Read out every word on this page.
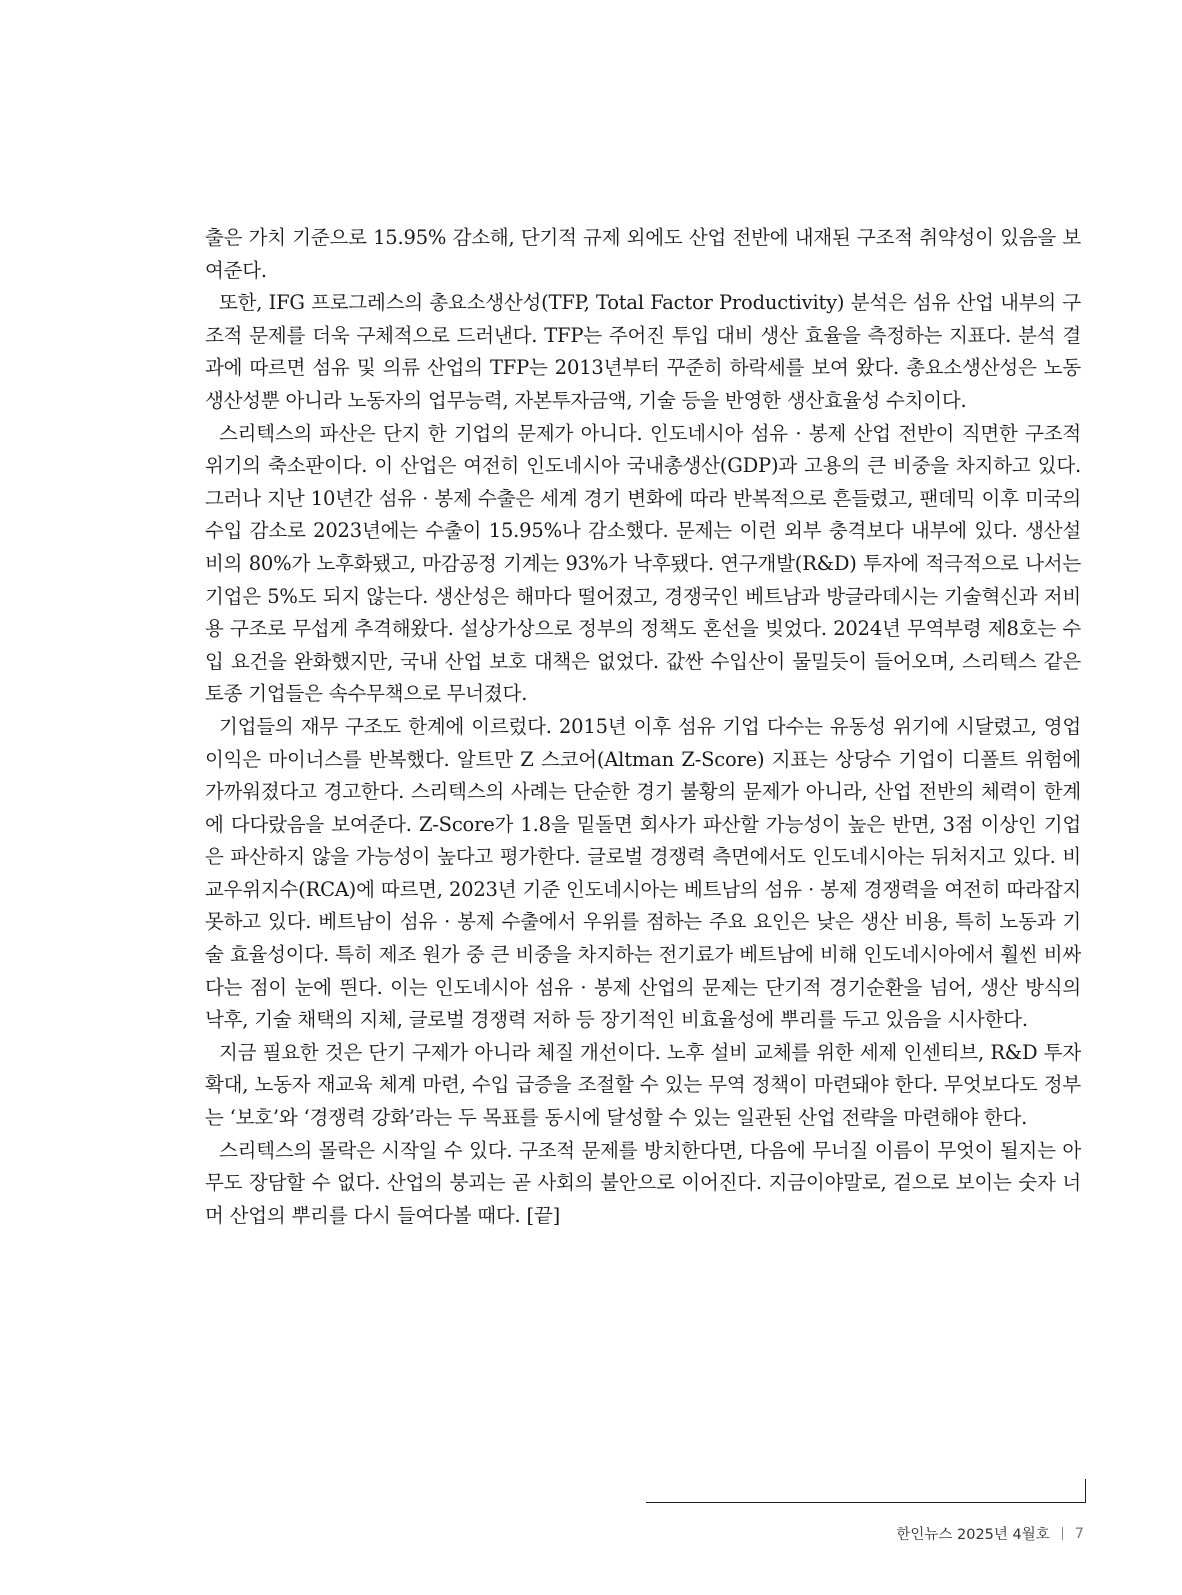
출은 가치 기준으로 15.95% 감소해, 단기적 규제 외에도 산업 전반에 내재된 구조적 취약성이 있음을 보여준다.

또한, IFG 프로그레스의 총요소생산성(TFP, Total Factor Productivity) 분석은 섬유 산업 내부의 구조적 문제를 더욱 구체적으로 드러낸다. TFP는 주어진 투입 대비 생산 효율을 측정하는 지표다. 분석 결과에 따르면 섬유 및 의류 산업의 TFP는 2013년부터 꾸준히 하락세를 보여 왔다. 총요소생산성은 노동 생산성뿐 아니라 노동자의 업무능력, 자본투자금액, 기술 등을 반영한 생산효율성 수치이다.

스리텍스의 파산은 단지 한 기업의 문제가 아니다. 인도네시아 섬유 · 봉제 산업 전반이 직면한 구조적 위기의 축소판이다. 이 산업은 여전히 인도네시아 국내총생산(GDP)과 고용의 큰 비중을 차지하고 있다. 그러나 지난 10년간 섬유 · 봉제 수출은 세계 경기 변화에 따라 반복적으로 흔들렸고, 팬데믹 이후 미국의 수입 감소로 2023년에는 수출이 15.95%나 감소했다. 문제는 이런 외부 충격보다 내부에 있다. 생산설비의 80%가 노후화됐고, 마감공정 기계는 93%가 낙후됐다. 연구개발(R&D) 투자에 적극적으로 나서는 기업은 5%도 되지 않는다. 생산성은 해마다 떨어졌고, 경쟁국인 베트남과 방글라데시는 기술혁신과 저비용 구조로 무섭게 추격해왔다. 설상가상으로 정부의 정책도 혼선을 빚었다. 2024년 무역부령 제8호는 수입 요건을 완화했지만, 국내 산업 보호 대책은 없었다. 값싼 수입산이 물밀듯이 들어오며, 스리텍스 같은 토종 기업들은 속수무책으로 무너졌다.

기업들의 재무 구조도 한계에 이르렀다. 2015년 이후 섬유 기업 다수는 유동성 위기에 시달렸고, 영업이익은 마이너스를 반복했다. 알트만 Z 스코어(Altman Z-Score) 지표는 상당수 기업이 디폴트 위험에 가까워졌다고 경고한다. 스리텍스의 사례는 단순한 경기 불황의 문제가 아니라, 산업 전반의 체력이 한계에 다다랐음을 보여준다. Z-Score가 1.8을 밑돌면 회사가 파산할 가능성이 높은 반면, 3점 이상인 기업은 파산하지 않을 가능성이 높다고 평가한다. 글로벌 경쟁력 측면에서도 인도네시아는 뒤처지고 있다. 비교우위지수(RCA)에 따르면, 2023년 기준 인도네시아는 베트남의 섬유 · 봉제 경쟁력을 여전히 따라잡지 못하고 있다. 베트남이 섬유 · 봉제 수출에서 우위를 점하는 주요 요인은 낮은 생산 비용, 특히 노동과 기술 효율성이다. 특히 제조 원가 중 큰 비중을 차지하는 전기료가 베트남에 비해 인도네시아에서 훨씬 비싸다는 점이 눈에 띈다. 이는 인도네시아 섬유 · 봉제 산업의 문제는 단기적 경기순환을 넘어, 생산 방식의 낙후, 기술 채택의 지체, 글로벌 경쟁력 저하 등 장기적인 비효율성에 뿌리를 두고 있음을 시사한다.

지금 필요한 것은 단기 구제가 아니라 체질 개선이다. 노후 설비 교체를 위한 세제 인센티브, R&D 투자 확대, 노동자 재교육 체계 마련, 수입 급증을 조절할 수 있는 무역 정책이 마련돼야 한다. 무엇보다도 정부는 ‘보호’와 ‘경쟁력 강화’라는 두 목표를 동시에 달성할 수 있는 일관된 산업 전략을 마련해야 한다.

스리텍스의 몰락은 시작일 수 있다. 구조적 문제를 방치한다면, 다음에 무너질 이름이 무엇이 될지는 아무도 장담할 수 없다. 산업의 붕괴는 곧 사회의 불안으로 이어진다. 지금이야말로, 겉으로 보이는 숫자 너머 산업의 뿌리를 다시 들여다볼 때다. [끝]

한인뉴스 2025년 4월호 7
